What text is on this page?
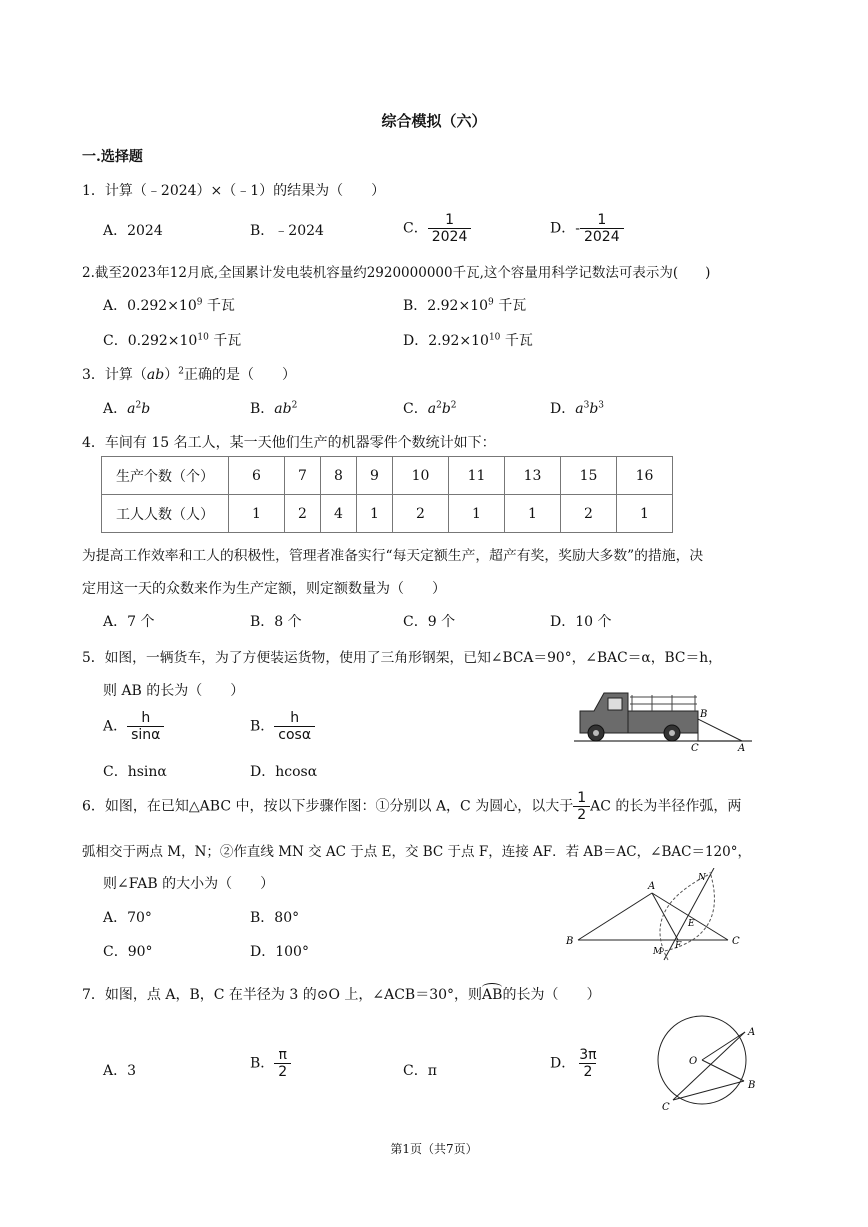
综合模拟（六）
一.选择题
1．计算（﹣2024）×（﹣1）的结果为（　　）
A．2024	B．﹣2024	C． $\frac{1}{2024}$	D．- $\frac{1}{2024}$
2.截至2023年12月底,全国累计发电装机容量约2920000000千瓦,这个容量用科学记数法可表示为(　　)
A．$0.292\times 10^9$ 千瓦	B．$2.92\times 10^9$ 千瓦
C．$0.292\times 10^{10}$ 千瓦	D．$2.92\times 10^{10}$ 千瓦
3．计算（ab）$^2$正确的是（　　）
A．$a^2b$	B．$ab^2$	C．$a^2b^2$	D．$a^3b^3$
4．车间有 15 名工人，某一天他们生产的机器零件个数统计如下：
生产个数（个）	6	7	8	9	10	11	13	15	16
工人人数（人）	1	2	4	1	2	1	1	2	1
为提高工作效率和工人的积极性，管理者准备实行“每天定额生产，超产有奖，奖励大多数”的措施，决
定用这一天的众数来作为生产定额，则定额数量为（　　）
A．7 个	B．8 个	C．9 个	D．10 个
5．如图，一辆货车，为了方便装运货物，使用了三角形钢架，已知∠BCA＝90°，∠BAC＝α，BC＝h，
则 AB 的长为（　　）
A． $\frac{h}{\sin\alpha}$	B． $\frac{h}{\cos\alpha}$
C．hsinα	D．hcosα
B
C	A
6．如图，在已知△ABC 中，按以下步骤作图：①分别以 A，C 为圆心，以大于 $\frac{1}{2}$ AC 的长为半径作弧，两
弧相交于两点 M，N；②作直线 MN 交 AC 于点 E，交 BC 于点 F，连接 AF．若 AB＝AC，∠BAC＝120°，
则∠FAB 的大小为（　　）
A．70°	B．80°
C．90°	D．100°
A
B	C
N
E
M
F
7．如图，点 A，B，C 在半径为 3 的⊙O 上，∠ACB＝30°，则AB的长为（　　）
A．3	B． $\frac{\pi}{2}$	C．π	D． $\frac{3\pi}{2}$	O
A
B
C
第1页（共7页）
